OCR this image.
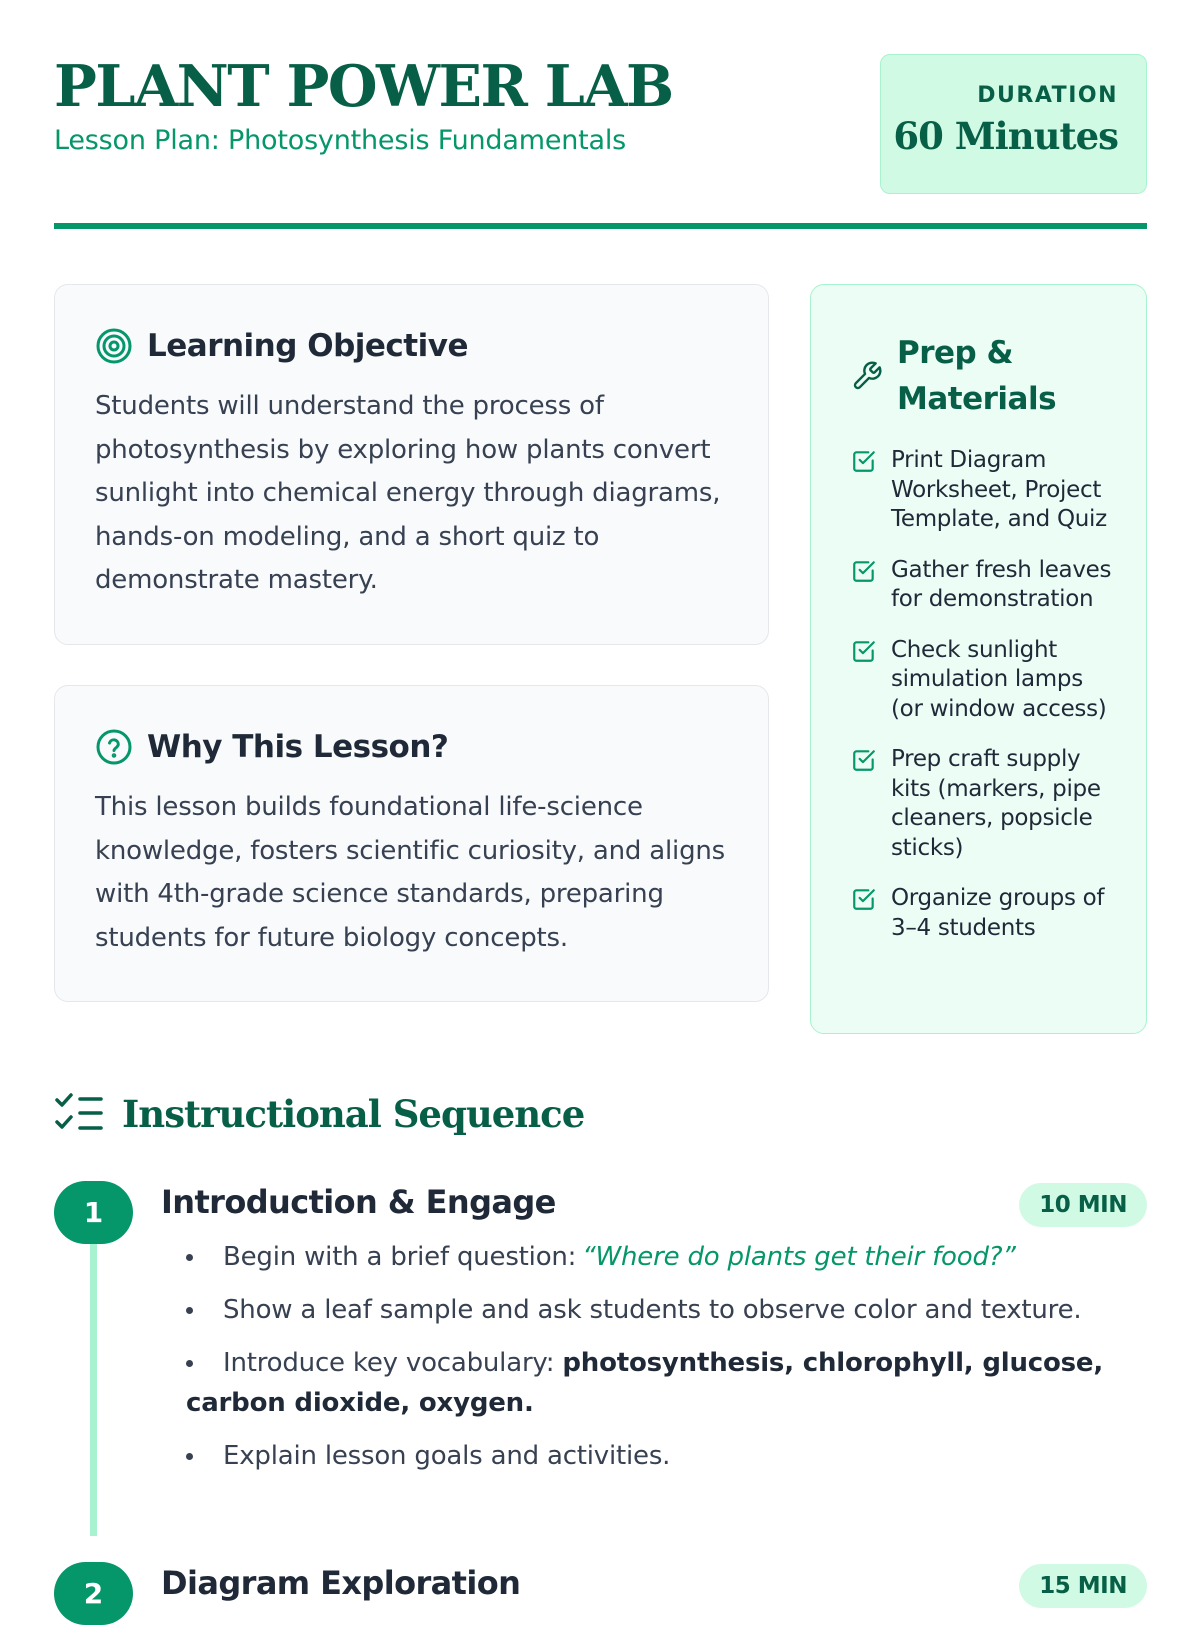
PLANT POWER LAB

Lesson Plan: Photosynthesis Fundamentals

DURATION
60 Minutes
Learning Objective

Students will understand the process of photosynthesis by exploring how plants convert sunlight into chemical energy through diagrams, hands-on modeling, and a short quiz to demonstrate mastery.

Why This Lesson?

This lesson builds foundational life-science knowledge, fosters scientific curiosity, and aligns with 4th-grade science standards, preparing students for future biology concepts.

Prep & Materials
Print Diagram Worksheet, Project Template, and Quiz
Gather fresh leaves for demonstration
Check sunlight simulation lamps (or window access)
Prep craft supply kits (markers, pipe cleaners, popsicle sticks)
Organize groups of 3–4 students
Instructional Sequence
1	Introduction & Engage	10 MIN
Begin with a brief question: “Where do plants get their food?”
Show a leaf sample and ask students to observe color and texture.
Introduce key vocabulary: photosynthesis, chlorophyll, glucose, carbon dioxide, oxygen.
Explain lesson goals and activities.
2	Diagram Exploration	15 MIN
